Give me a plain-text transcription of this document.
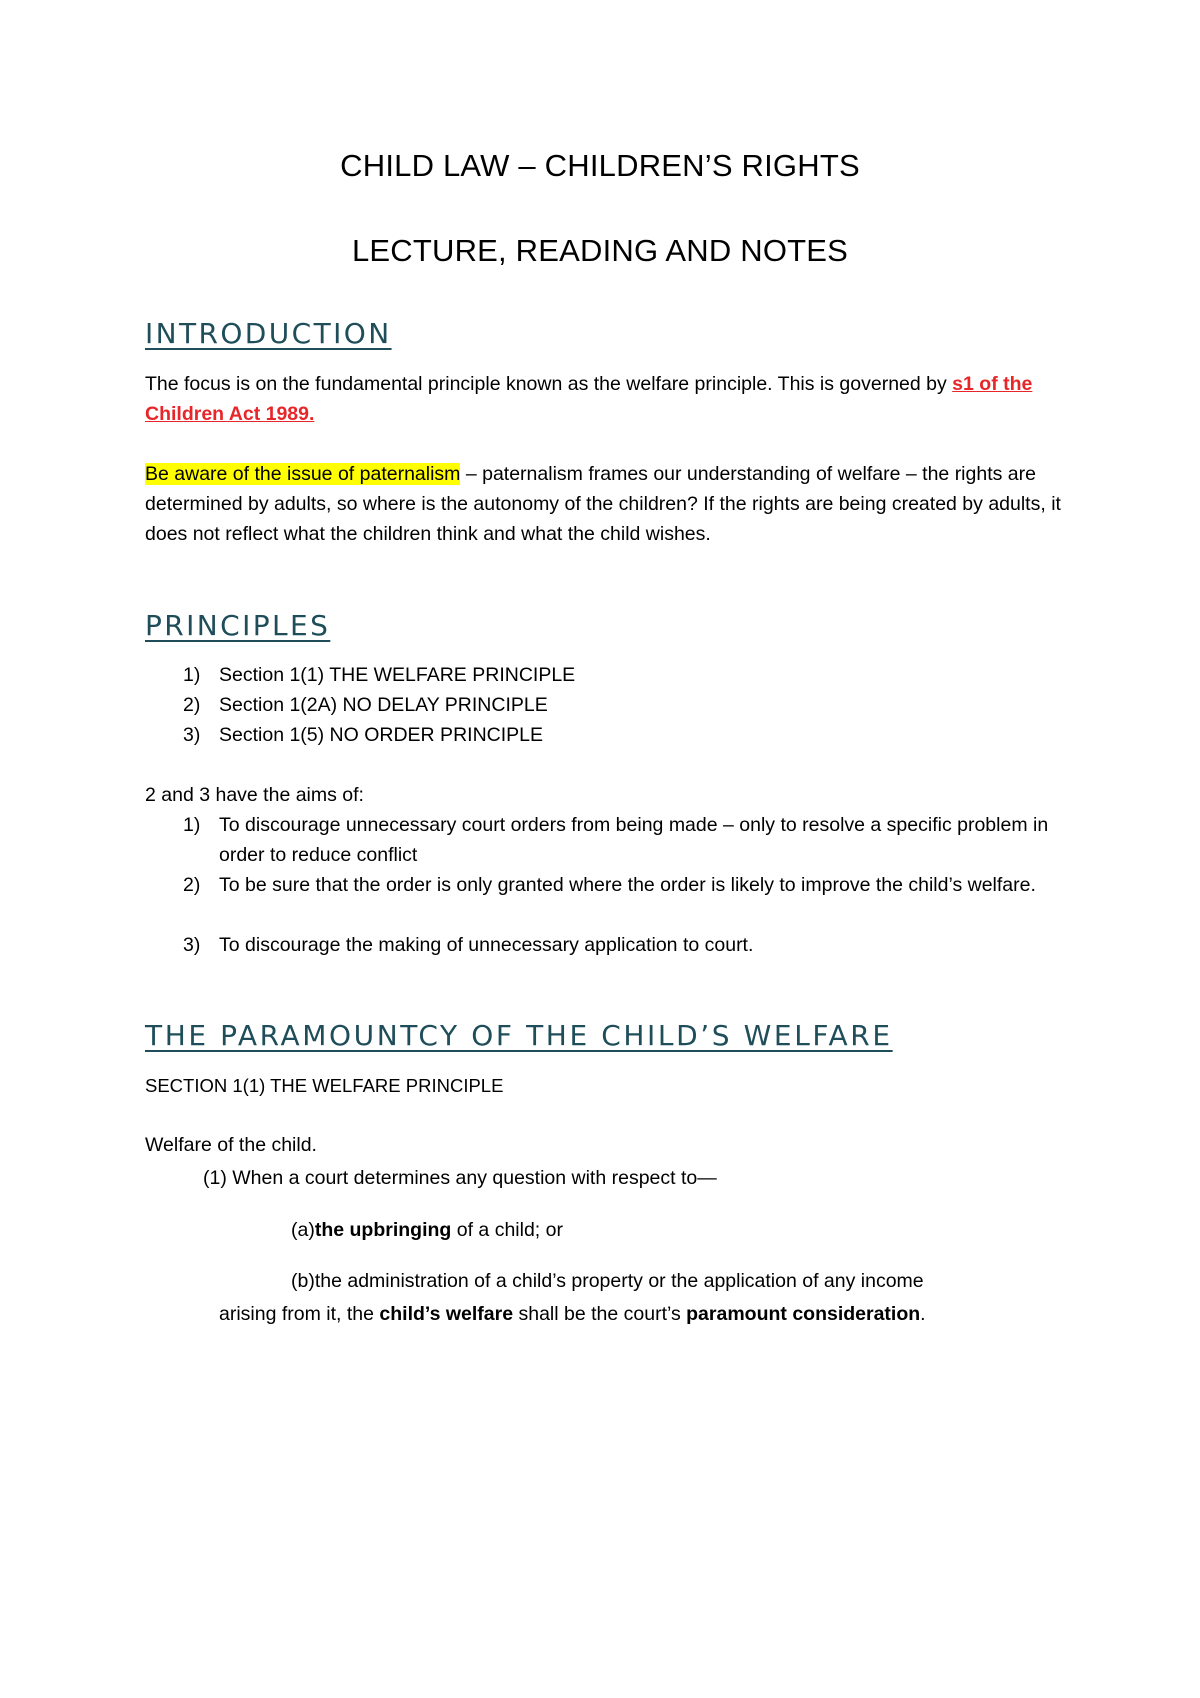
CHILD LAW – CHILDREN’S RIGHTS
LECTURE, READING AND NOTES
INTRODUCTION
The focus is on the fundamental principle known as the welfare principle. This is governed by s1 of the Children Act 1989.
Be aware of the issue of paternalism – paternalism frames our understanding of welfare – the rights are determined by adults, so where is the autonomy of the children? If the rights are being created by adults, it does not reflect what the children think and what the child wishes.
PRINCIPLES
1) Section 1(1) THE WELFARE PRINCIPLE
2) Section 1(2A) NO DELAY PRINCIPLE
3) Section 1(5) NO ORDER PRINCIPLE
2 and 3 have the aims of:
1) To discourage unnecessary court orders from being made – only to resolve a specific problem in order to reduce conflict
2) To be sure that the order is only granted where the order is likely to improve the child’s welfare.
3) To discourage the making of unnecessary application to court.
THE PARAMOUNTCY OF THE CHILD’S WELFARE
SECTION 1(1) THE WELFARE PRINCIPLE
Welfare of the child.
(1) When a court determines any question with respect to—
(a)the upbringing of a child; or
(b)the administration of a child’s property or the application of any income
arising from it, the child’s welfare shall be the court’s paramount consideration.
